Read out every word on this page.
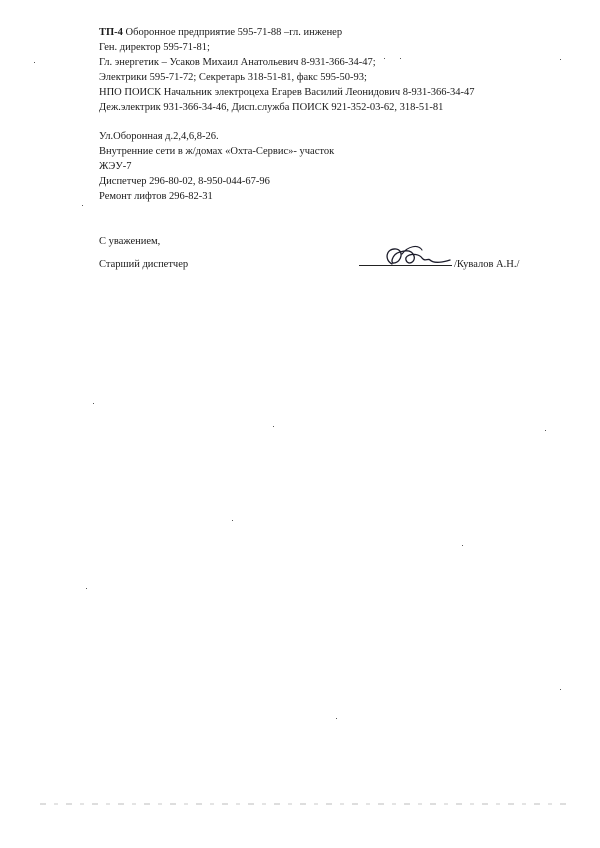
ТП-4 Оборонное предприятие 595-71-88 –гл. инженер
Ген. директор 595-71-81;
Гл. энергетик – Усаков Михаил Анатольевич 8-931-366-34-47;
Электрики 595-71-72; Секретарь 318-51-81, факс 595-50-93;
НПО ПОИСК Начальник электроцеха Егарев Василий Леонидович 8-931-366-34-47
Деж.электрик 931-366-34-46, Дисп.служба ПОИСК 921-352-03-62, 318-51-81
Ул.Оборонная д.2,4,6,8-26.
Внутренние сети в ж/домах «Охта-Сервис»- участок
ЖЭУ-7
Диспетчер 296-80-02, 8-950-044-67-96
Ремонт лифтов 296-82-31
С уважением,
Старший диспетчер	/Кувалов А.Н./
